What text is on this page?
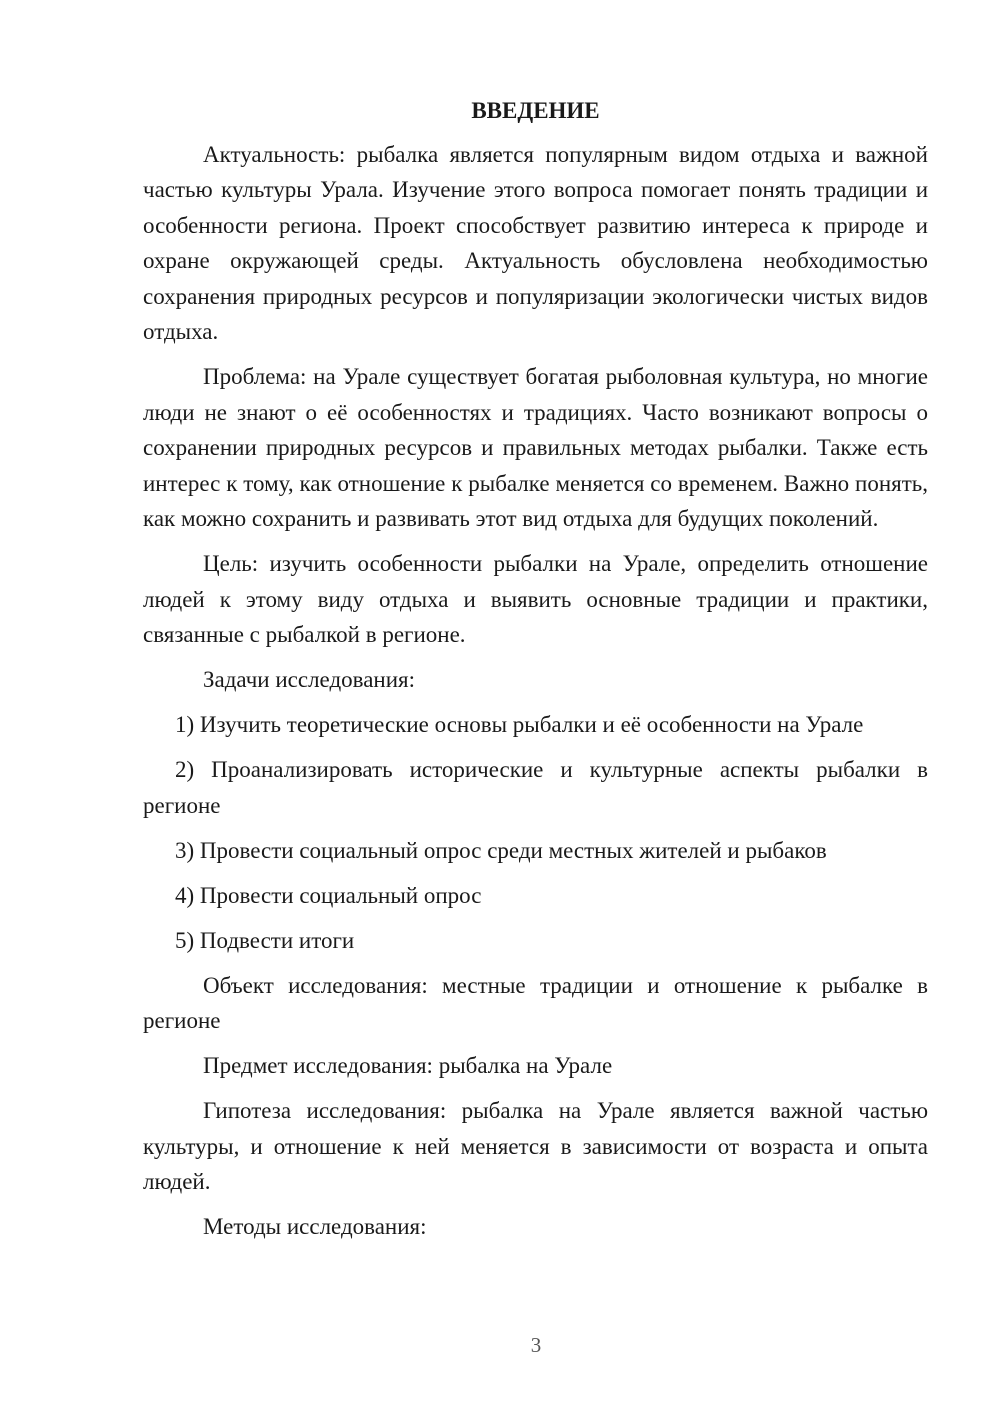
ВВЕДЕНИЕ

Актуальность: рыбалка является популярным видом отдыха и важной частью культуры Урала. Изучение этого вопроса помогает понять традиции и особенности региона. Проект способствует развитию интереса к природе и охране окружающей среды. Актуальность обусловлена необходимостью сохранения природных ресурсов и популяризации экологически чистых видов отдыха.

Проблема: на Урале существует богатая рыболовная культура, но многие люди не знают о её особенностях и традициях. Часто возникают вопросы о сохранении природных ресурсов и правильных методах рыбалки. Также есть интерес к тому, как отношение к рыбалке меняется со временем. Важно понять, как можно сохранить и развивать этот вид отдыха для будущих поколений.

Цель: изучить особенности рыбалки на Урале, определить отношение людей к этому виду отдыха и выявить основные традиции и практики, связанные с рыбалкой в регионе.

Задачи исследования:

1) Изучить теоретические основы рыбалки и её особенности на Урале

2) Проанализировать исторические и культурные аспекты рыбалки в регионе

3) Провести социальный опрос среди местных жителей и рыбаков

4) Провести социальный опрос

5) Подвести итоги

Объект исследования: местные традиции и отношение к рыбалке в регионе

Предмет исследования: рыбалка на Урале

Гипотеза исследования: рыбалка на Урале является важной частью культуры, и отношение к ней меняется в зависимости от возраста и опыта людей.

Методы исследования:

3
